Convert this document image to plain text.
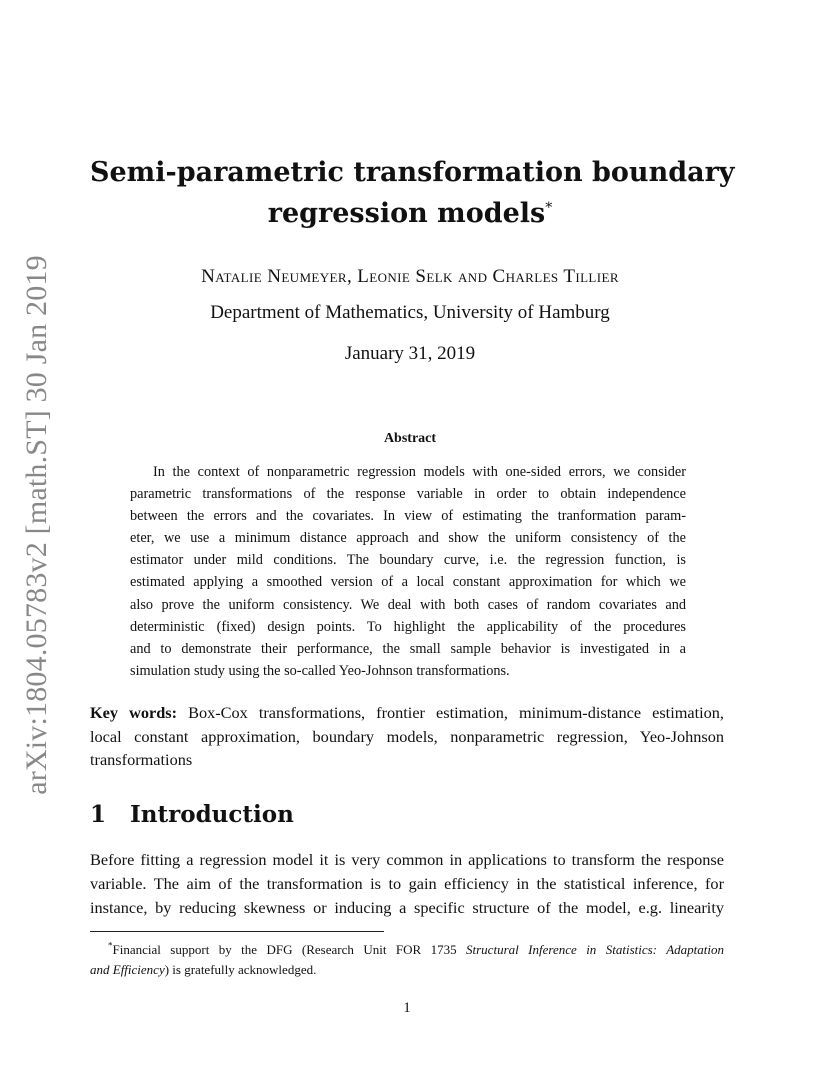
arXiv:1804.05783v2 [math.ST] 30 Jan 2019
Semi-parametric transformation boundary
regression models*
Natalie Neumeyer, Leonie Selk and Charles Tillier
Department of Mathematics, University of Hamburg
January 31, 2019
Abstract
In the context of nonparametric regression models with one-sided errors, we consider
parametric transformations of the response variable in order to obtain independence
between the errors and the covariates. In view of estimating the tranformation param-
eter, we use a minimum distance approach and show the uniform consistency of the
estimator under mild conditions. The boundary curve, i.e. the regression function, is
estimated applying a smoothed version of a local constant approximation for which we
also prove the uniform consistency. We deal with both cases of random covariates and
deterministic (fixed) design points. To highlight the applicability of the procedures
and to demonstrate their performance, the small sample behavior is investigated in a
simulation study using the so-called Yeo-Johnson transformations.
Key words: Box-Cox transformations, frontier estimation, minimum-distance estimation,
local constant approximation, boundary models, nonparametric regression, Yeo-Johnson
transformations
1 Introduction
Before fitting a regression model it is very common in applications to transform the response
variable. The aim of the transformation is to gain efficiency in the statistical inference, for
instance, by reducing skewness or inducing a specific structure of the model, e.g. linearity
*Financial support by the DFG (Research Unit FOR 1735 Structural Inference in Statistics: Adaptation
and Efficiency) is gratefully acknowledged.
1
